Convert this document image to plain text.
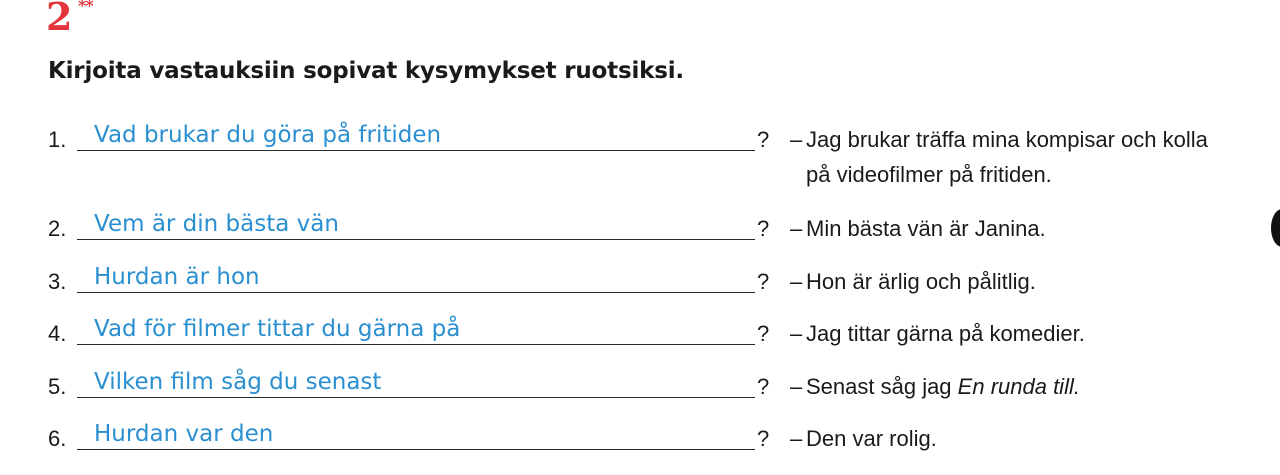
2 **
Kirjoita vastauksiin sopivat kysymykset ruotsiksi.
1. Vad brukar du göra på fritiden	? – Jag brukar träffa mina kompisar och kolla
på videofilmer på fritiden.
2. Vem är din bästa vän	? – Min bästa vän är Janina.
3. Hurdan är hon	? – Hon är ärlig och pålitlig.
4. Vad för filmer tittar du gärna på	? – Jag tittar gärna på komedier.
5. Vilken film såg du senast	? – Senast såg jag En runda till.
6. Hurdan var den	? – Den var rolig.
